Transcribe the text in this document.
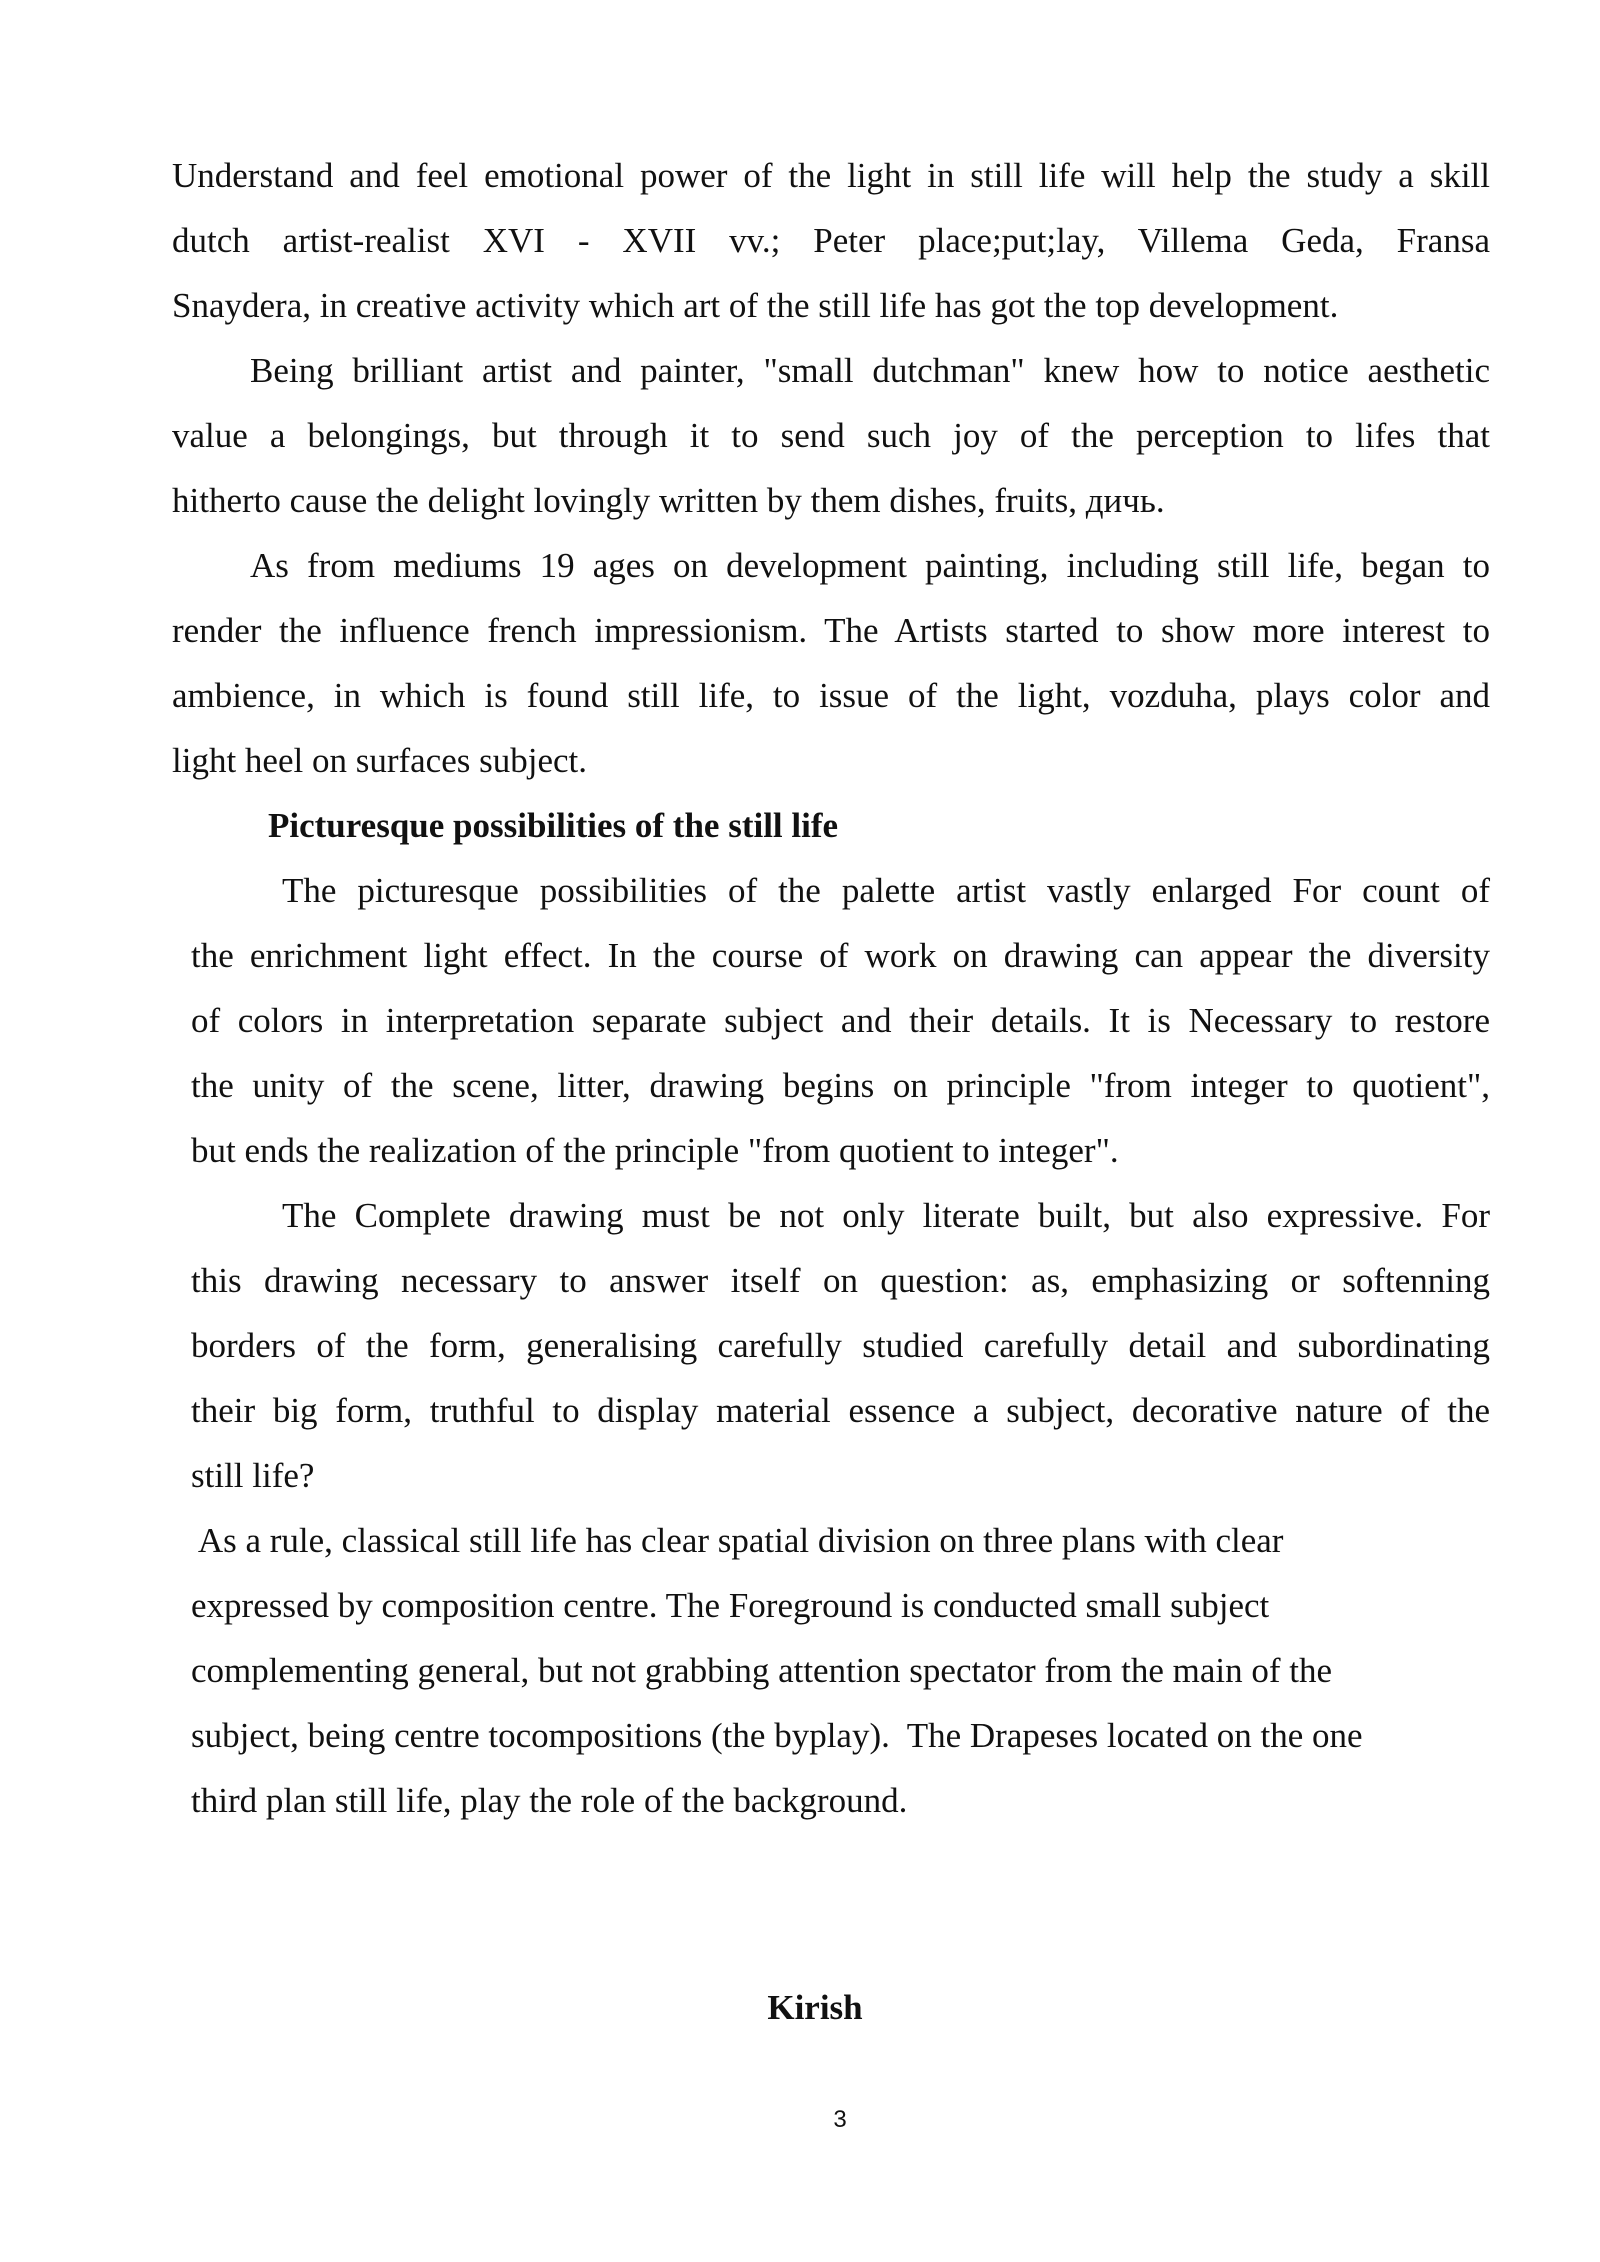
Understand and feel emotional power of the light in still life will help the study a skill
dutch artist-realist XVI - XVII vv.; Peter place;put;lay, Villema Geda, Fransa
Snaydera, in creative activity which art of the still life has got the top development.
Being brilliant artist and painter, "small dutchman" knew how to notice aesthetic
value a belongings, but through it to send such joy of the perception to lifes that
hitherto cause the delight lovingly written by them dishes, fruits, дичь.
As from mediums 19 ages on development painting, including still life, began to
render the influence french impressionism. The Artists started to show more interest to
ambience, in which is found still life, to issue of the light, vozduha, plays color and
light heel on surfaces subject.
Picturesque possibilities of the still life
The picturesque possibilities of the palette artist vastly enlarged For count of
the enrichment light effect. In the course of work on drawing can appear the diversity
of colors in interpretation separate subject and their details. It is Necessary to restore
the unity of the scene, litter, drawing begins on principle "from integer to quotient",
but ends the realization of the principle "from quotient to integer".
The Complete drawing must be not only literate built, but also expressive. For
this drawing necessary to answer itself on question: as, emphasizing or softenning
borders of the form, generalising carefully studied carefully detail and subordinating
their big form, truthful to display material essence a subject, decorative nature of the
still life?
As a rule, classical still life has clear spatial division on three plans with clear
expressed by composition centre. The Foreground is conducted small subject
complementing general, but not grabbing attention spectator from the main of the
subject, being centre tocompositions (the byplay).  The Drapeses located on the one
third plan still life, play the role of the background.
Kirish
3
